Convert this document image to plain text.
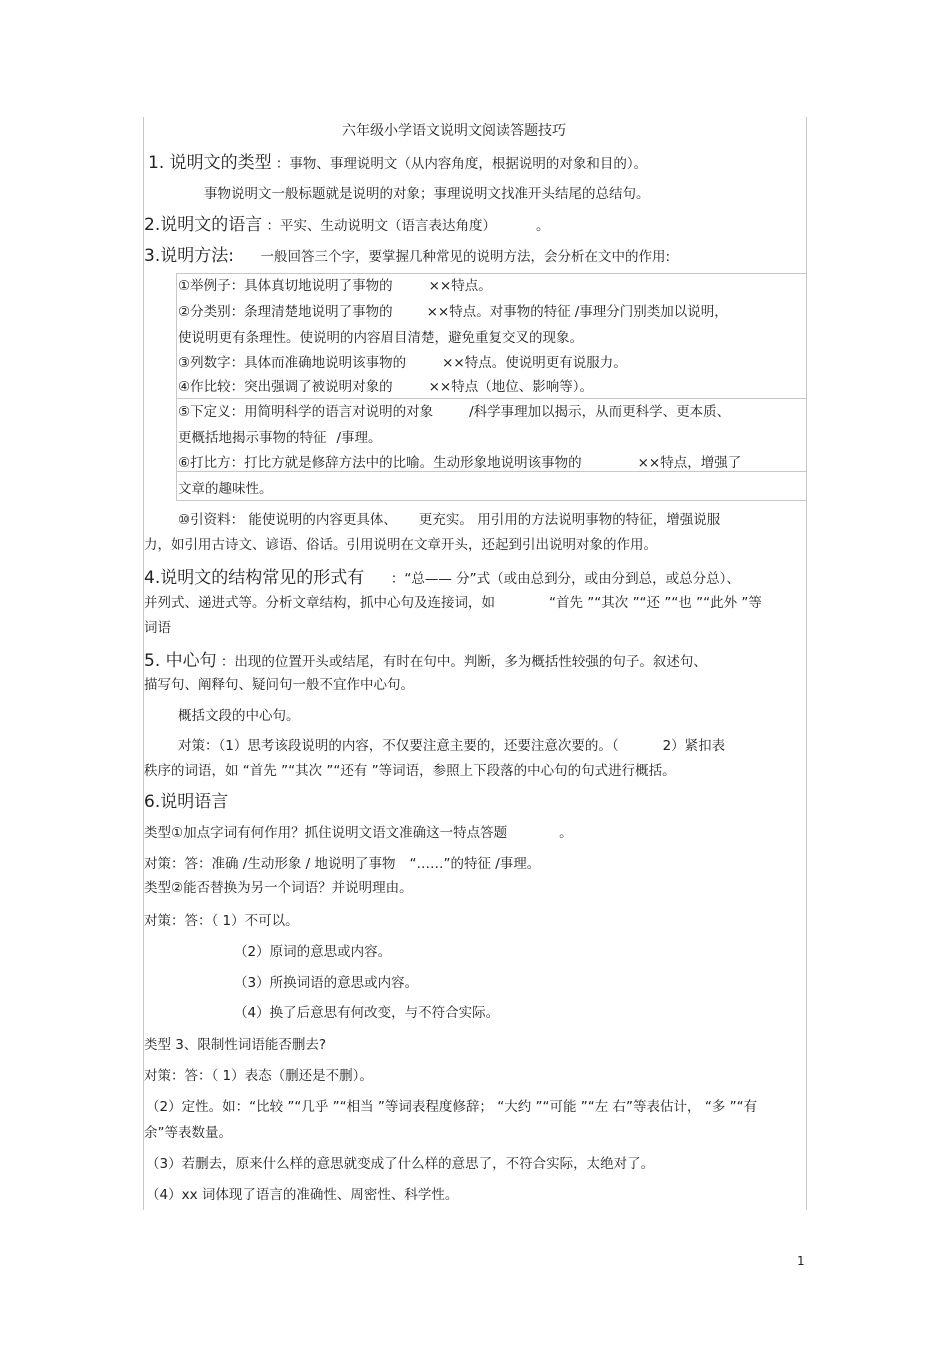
六年级小学语文说明文阅读答题技巧
1. 说明文的类型 ：事物、事理说明文（从内容角度，根据说明的对象和目的）。
事物说明文一般标题就是说明的对象；事理说明文找准开头结尾的总结句。
2.说明文的语言 ：平实、生动说明文（语言表达角度）	。
3.说明方法: 一般回答三个字，要掌握几种常见的说明方法，会分析在文中的作用:
①举例子：具体真切地说明了事物的	××特点。
②分类别：条理清楚地说明了事物的	××特点。对事物的特征 /事理分门别类加以说明，
使说明更有条理性。使说明的内容眉目清楚，避免重复交叉的现象。
③列数字：具体而准确地说明该事物的	××特点。使说明更有说服力。
④作比较：突出强调了被说明对象的	××特点（地位、影响等）。
⑤下定义：用简明科学的语言对说明的对象	/科学事理加以揭示，从而更科学、更本质、
更概括地揭示事物的特征 /事理。
⑥打比方：打比方就是修辞方法中的比喻。生动形象地说明该事物的	××特点，增强了
文章的趣味性。
⑩引资料： 能使说明的内容更具体、 更充实。 用引用的方法说明事物的特征，增强说服
力，如引用古诗文、谚语、俗话。引用说明在文章开头，还起到引出说明对象的作用。
4.说明文的结构常见的形式有 ：“总—— 分”式（或由总到分，或由分到总，或总分总）、
并列式、递进式等。分析文章结构，抓中心句及连接词，如	“首先 ”“其次 ”“还 ”“也 ”“此外 ”等
词语
5. 中心句 ：出现的位置开头或结尾，有时在句中。判断，多为概括性较强的句子。叙述句、
描写句、阐释句、疑问句一般不宜作中心句。
概括文段的中心句。
对策：（1）思考该段说明的内容，不仅要注意主要的，还要注意次要的。（	2）紧扣表
秩序的词语，如 “首先 ”“其次 ”“还有 ”等词语，参照上下段落的中心句的句式进行概括。
6.说明语言
类型①加点字词有何作用？抓住说明文语文准确这一特点答题	。
对策：答：准确 /生动形象 / 地说明了事物 “……”的特征 /事理。
类型②能否替换为另一个词语？并说明理由。
对策：答：（ 1）不可以。
（2）原词的意思或内容。
（3）所换词语的意思或内容。
（4）换了后意思有何改变，与不符合实际。
类型 3、限制性词语能否删去?
对策：答：（ 1）表态（删还是不删）。
（2）定性。如：“比较 ”“几乎 ”“相当 ”等词表程度修辞； “大约 ”“可能 ”“左 右”等表估计， “多 ”“有
余”等表数量。
（3）若删去，原来什么样的意思就变成了什么样的意思了，不符合实际，太绝对了。
（4）xx 词体现了语言的准确性、周密性、科学性。
1
